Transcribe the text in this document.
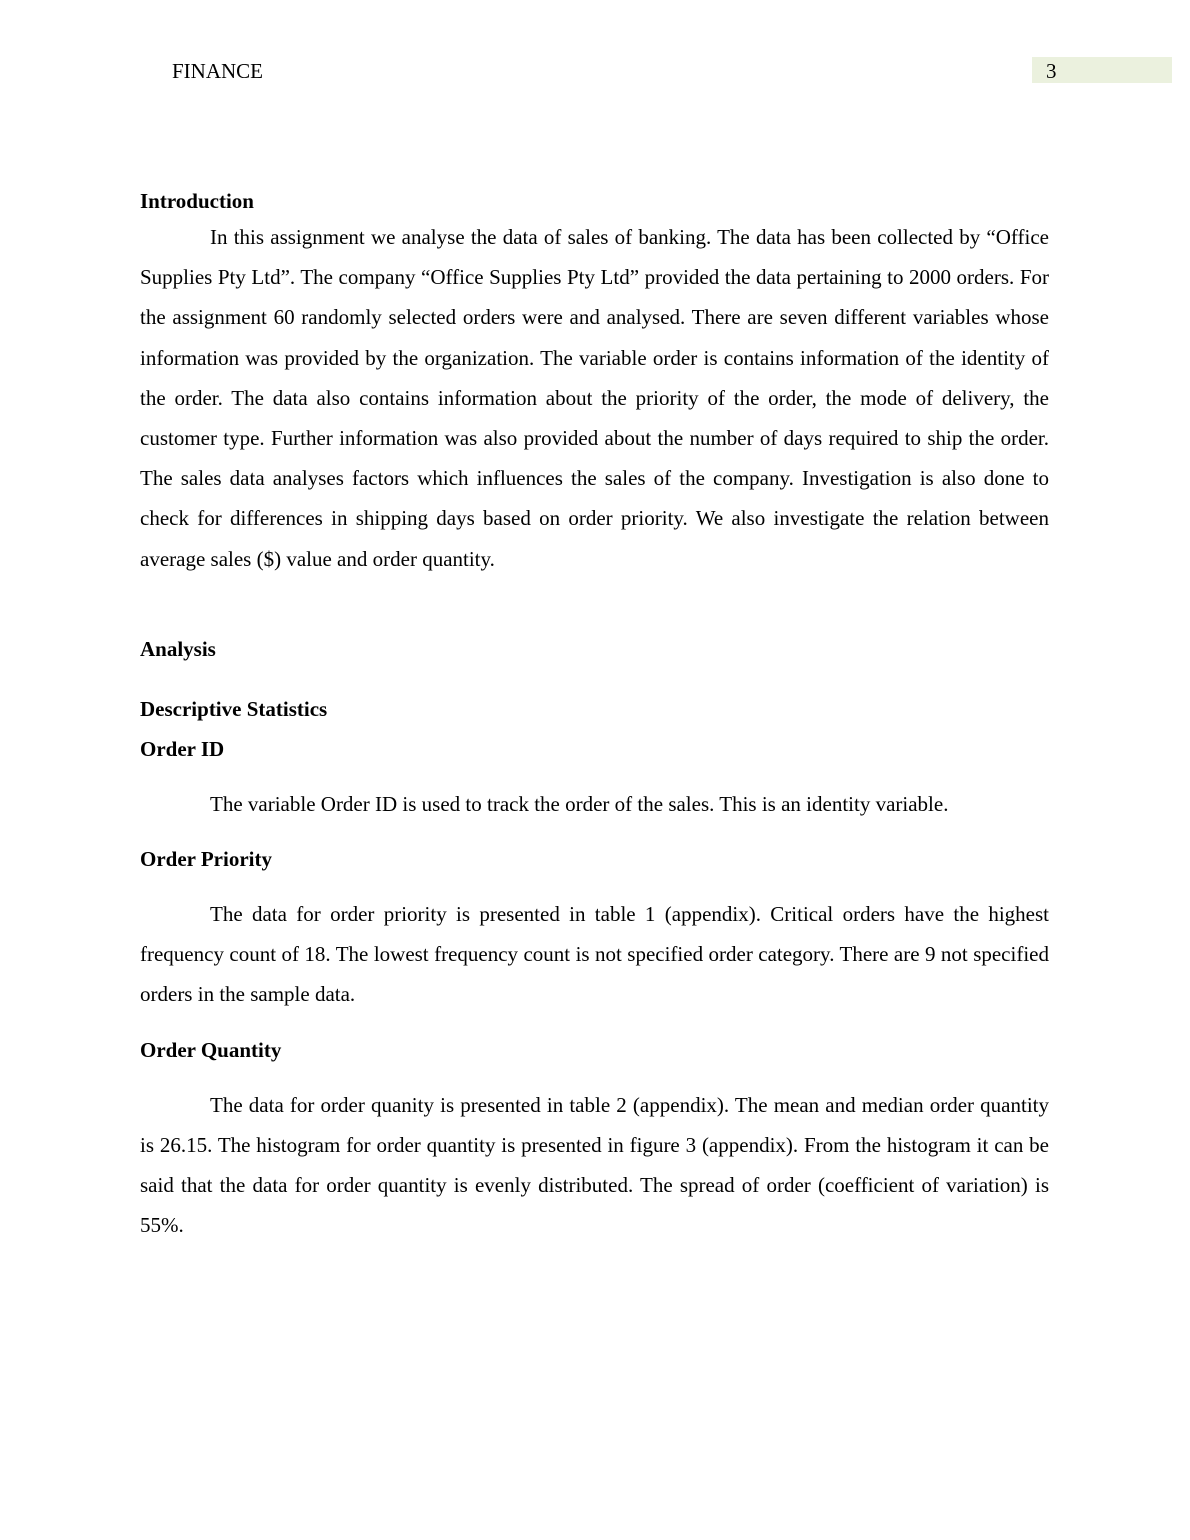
FINANCE	3

Introduction

In this assignment we analyse the data of sales of banking. The data has been collected by “Office Supplies Pty Ltd”. The company “Office Supplies Pty Ltd” provided the data pertaining to 2000 orders. For the assignment 60 randomly selected orders were and analysed. There are seven different variables whose information was provided by the organization. The variable order is contains information of the identity of the order. The data also contains information about the priority of the order, the mode of delivery, the customer type. Further information was also provided about the number of days required to ship the order. The sales data analyses factors which influences the sales of the company. Investigation is also done to check for differences in shipping days based on order priority. We also investigate the relation between average sales ($) value and order quantity.

Analysis

Descriptive Statistics

Order ID

The variable Order ID is used to track the order of the sales. This is an identity variable.

Order Priority

The data for order priority is presented in table 1 (appendix). Critical orders have the highest frequency count of 18. The lowest frequency count is not specified order category. There are 9 not specified orders in the sample data.

Order Quantity

The data for order quanity is presented in table 2 (appendix). The mean and median order quantity is 26.15. The histogram for order quantity is presented in figure 3 (appendix). From the histogram it can be said that the data for order quantity is evenly distributed. The spread of order (coefficient of variation) is 55%.
